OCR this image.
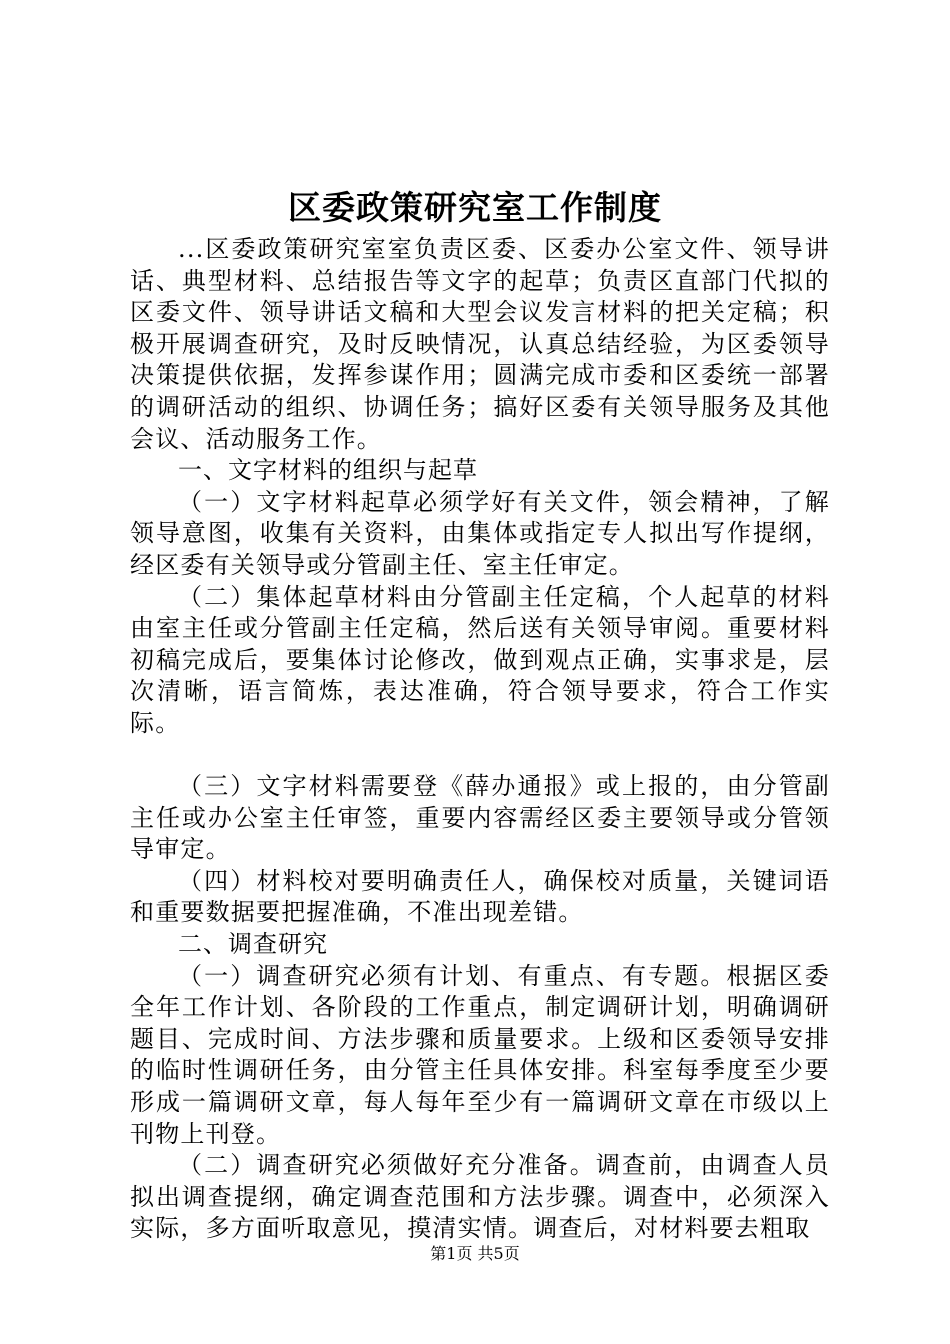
区委政策研究室工作制度

...区委政策研究室室负责区委、区委办公室文件、领导讲话、典型材料、总结报告等文字的起草；负责区直部门代拟的区委文件、领导讲话文稿和大型会议发言材料的把关定稿；积极开展调查研究，及时反映情况，认真总结经验，为区委领导决策提供依据，发挥参谋作用；圆满完成市委和区委统一部署的调研活动的组织、协调任务；搞好区委有关领导服务及其他会议、活动服务工作。

一、文字材料的组织与起草

（一）文字材料起草必须学好有关文件，领会精神，了解领导意图，收集有关资料，由集体或指定专人拟出写作提纲，经区委有关领导或分管副主任、室主任审定。

（二）集体起草材料由分管副主任定稿，个人起草的材料由室主任或分管副主任定稿，然后送有关领导审阅。重要材料初稿完成后，要集体讨论修改，做到观点正确，实事求是，层次清晰，语言简炼，表达准确，符合领导要求，符合工作实际。

（三）文字材料需要登《薛办通报》或上报的，由分管副主任或办公室主任审签，重要内容需经区委主要领导或分管领导审定。

（四）材料校对要明确责任人，确保校对质量，关键词语和重要数据要把握准确，不准出现差错。

二、调查研究

（一）调查研究必须有计划、有重点、有专题。根据区委全年工作计划、各阶段的工作重点，制定调研计划，明确调研题目、完成时间、方法步骤和质量要求。上级和区委领导安排的临时性调研任务，由分管主任具体安排。科室每季度至少要形成一篇调研文章，每人每年至少有一篇调研文章在市级以上刊物上刊登。

（二）调查研究必须做好充分准备。调查前，由调查人员拟出调查提纲，确定调查范围和方法步骤。调查中，必须深入实际，多方面听取意见，摸清实情。调查后，对材料要去粗取

第1页 共5页
